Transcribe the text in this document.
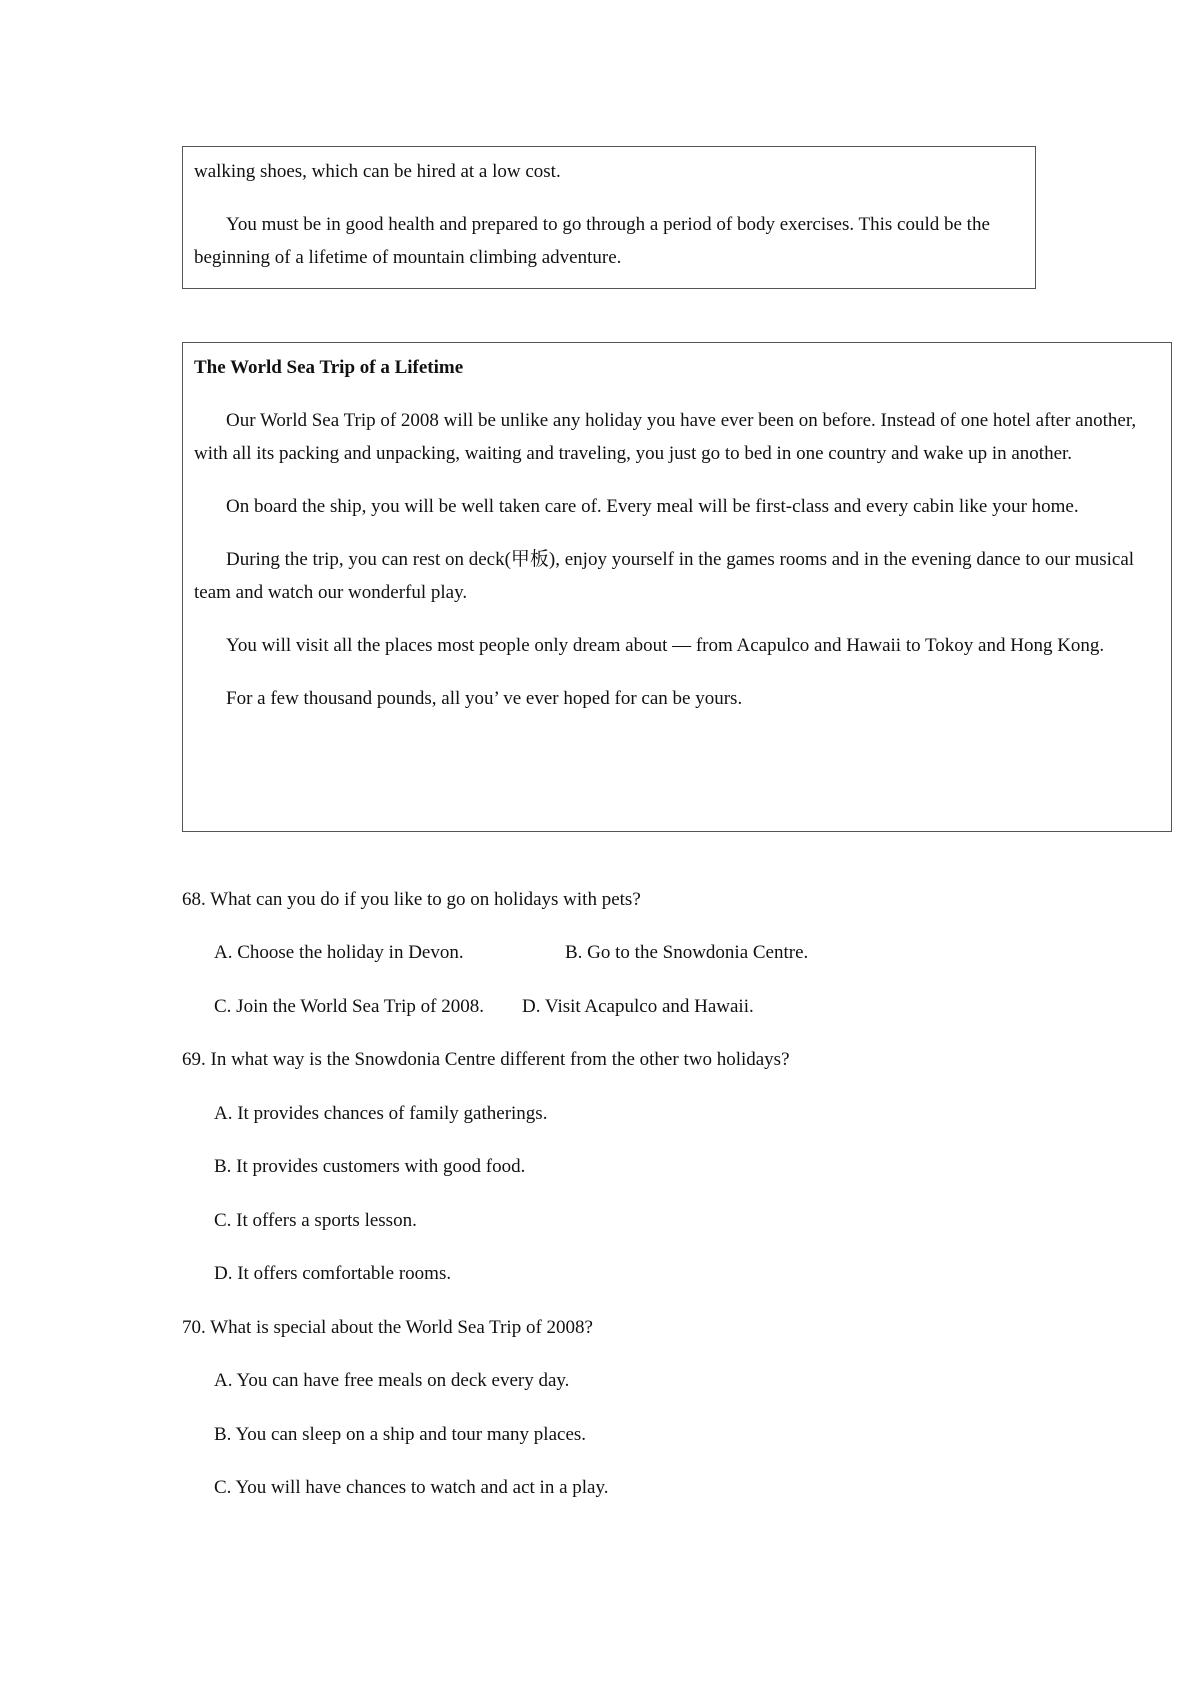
walking shoes, which can be hired at a low cost.

You must be in good health and prepared to go through a period of body exercises. This could be the beginning of a lifetime of mountain climbing adventure.

The World Sea Trip of a Lifetime

Our World Sea Trip of 2008 will be unlike any holiday you have ever been on before. Instead of one hotel after another, with all its packing and unpacking, waiting and traveling, you just go to bed in one country and wake up in another.

On board the ship, you will be well taken care of. Every meal will be first-class and every cabin like your home.

During the trip, you can rest on deck(甲板), enjoy yourself in the games rooms and in the evening dance to our musical team and watch our wonderful play.

You will visit all the places most people only dream about — from Acapulco and Hawaii to Tokoy and Hong Kong.

For a few thousand pounds, all you’ ve ever hoped for can be yours.

68. What can you do if you like to go on holidays with pets?

A. Choose the holiday in Devon.	B. Go to the Snowdonia Centre.

C. Join the World Sea Trip of 2008. D. Visit Acapulco and Hawaii.

69. In what way is the Snowdonia Centre different from the other two holidays?

A. It provides chances of family gatherings.

B. It provides customers with good food.

C. It offers a sports lesson.

D. It offers comfortable rooms.

70. What is special about the World Sea Trip of 2008?

A. You can have free meals on deck every day.

B. You can sleep on a ship and tour many places.

C. You will have chances to watch and act in a play.
